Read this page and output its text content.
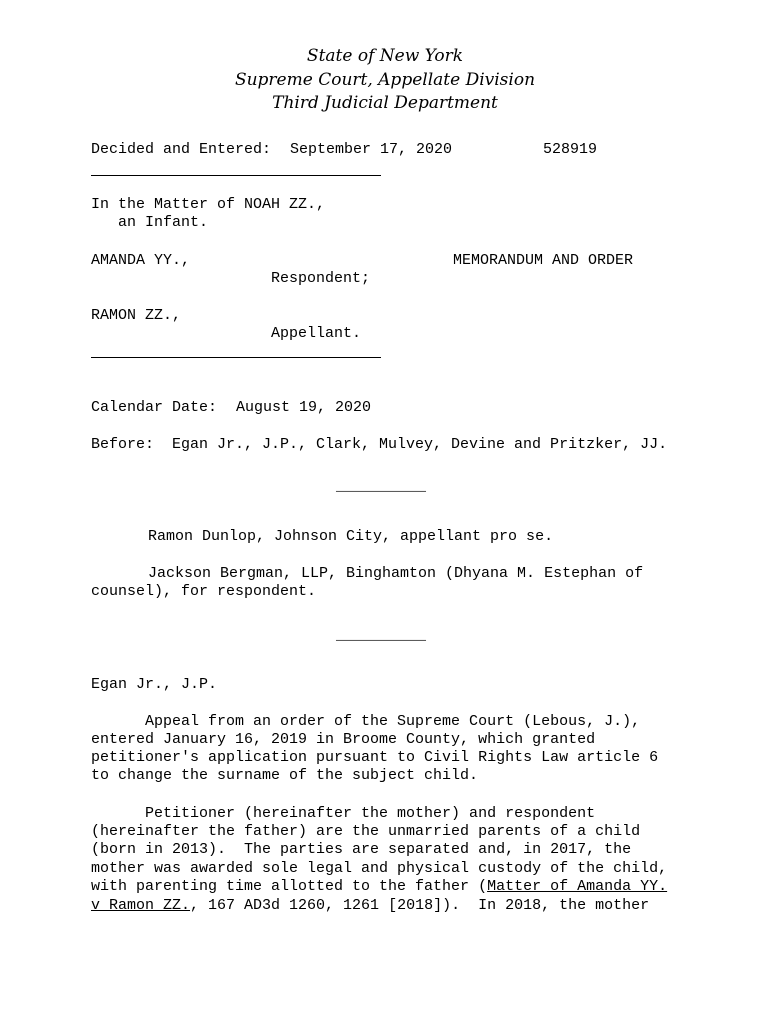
State of New York
Supreme Court, Appellate Division
Third Judicial Department
Decided and Entered: September 17, 2020	528919
In the Matter of NOAH ZZ.,
an Infant.
AMANDA YY.,	MEMORANDUM AND ORDER
Respondent;
RAMON ZZ.,
Appellant.
Calendar Date: August 19, 2020
Before: Egan Jr., J.P., Clark, Mulvey, Devine and Pritzker, JJ.
__________
Ramon Dunlop, Johnson City, appellant pro se.
Jackson Bergman, LLP, Binghamton (Dhyana M. Estephan of
counsel), for respondent.
__________
Egan Jr., J.P.
Appeal from an order of the Supreme Court (Lebous, J.),
entered January 16, 2019 in Broome County, which granted
petitioner's application pursuant to Civil Rights Law article 6
to change the surname of the subject child.
Petitioner (hereinafter the mother) and respondent
(hereinafter the father) are the unmarried parents of a child
(born in 2013).  The parties are separated and, in 2017, the
mother was awarded sole legal and physical custody of the child,
with parenting time allotted to the father (Matter of Amanda YY.
v Ramon ZZ., 167 AD3d 1260, 1261 [2018]).  In 2018, the mother
